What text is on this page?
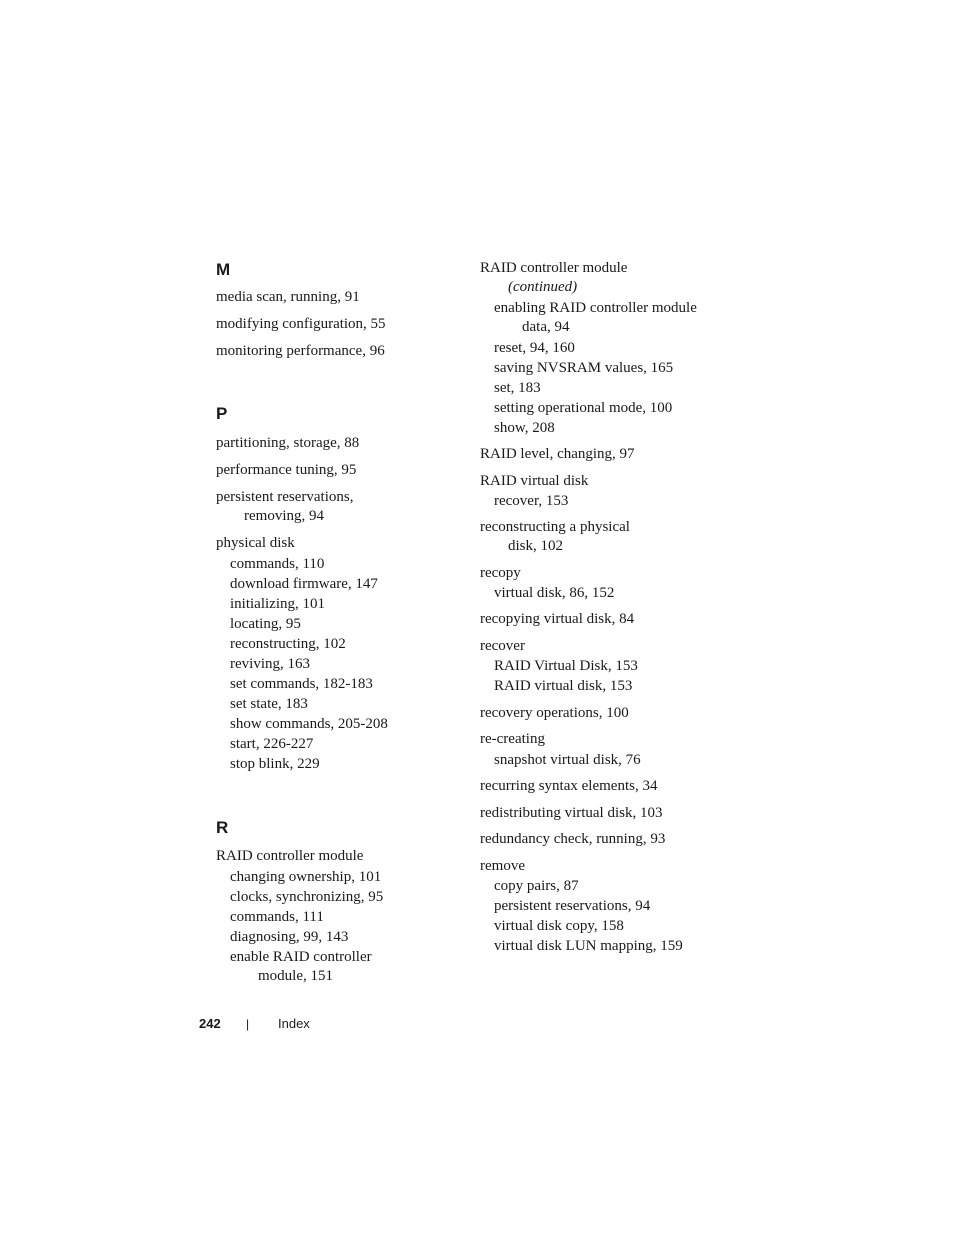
M

media scan, running, 91

modifying configuration, 55

monitoring performance, 96

P

partitioning, storage, 88

performance tuning, 95

persistent reservations,

removing, 94

physical disk

commands, 110

download firmware, 147

initializing, 101

locating, 95

reconstructing, 102

reviving, 163

set commands, 182-183

set state, 183

show commands, 205-208

start, 226-227

stop blink, 229

R

RAID controller module

changing ownership, 101

clocks, synchronizing, 95

commands, 111

diagnosing, 99, 143

enable RAID controller

module, 151

RAID controller module

(continued)

enabling RAID controller module

data, 94

reset, 94, 160

saving NVSRAM values, 165

set, 183

setting operational mode, 100

show, 208

RAID level, changing, 97

RAID virtual disk

recover, 153

reconstructing a physical

disk, 102

recopy

virtual disk, 86, 152

recopying virtual disk, 84

recover

RAID Virtual Disk, 153

RAID virtual disk, 153

recovery operations, 100

re-creating

snapshot virtual disk, 76

recurring syntax elements, 34

redistributing virtual disk, 103

redundancy check, running, 93

remove

copy pairs, 87

persistent reservations, 94

virtual disk copy, 158

virtual disk LUN mapping, 159

242 | Index
